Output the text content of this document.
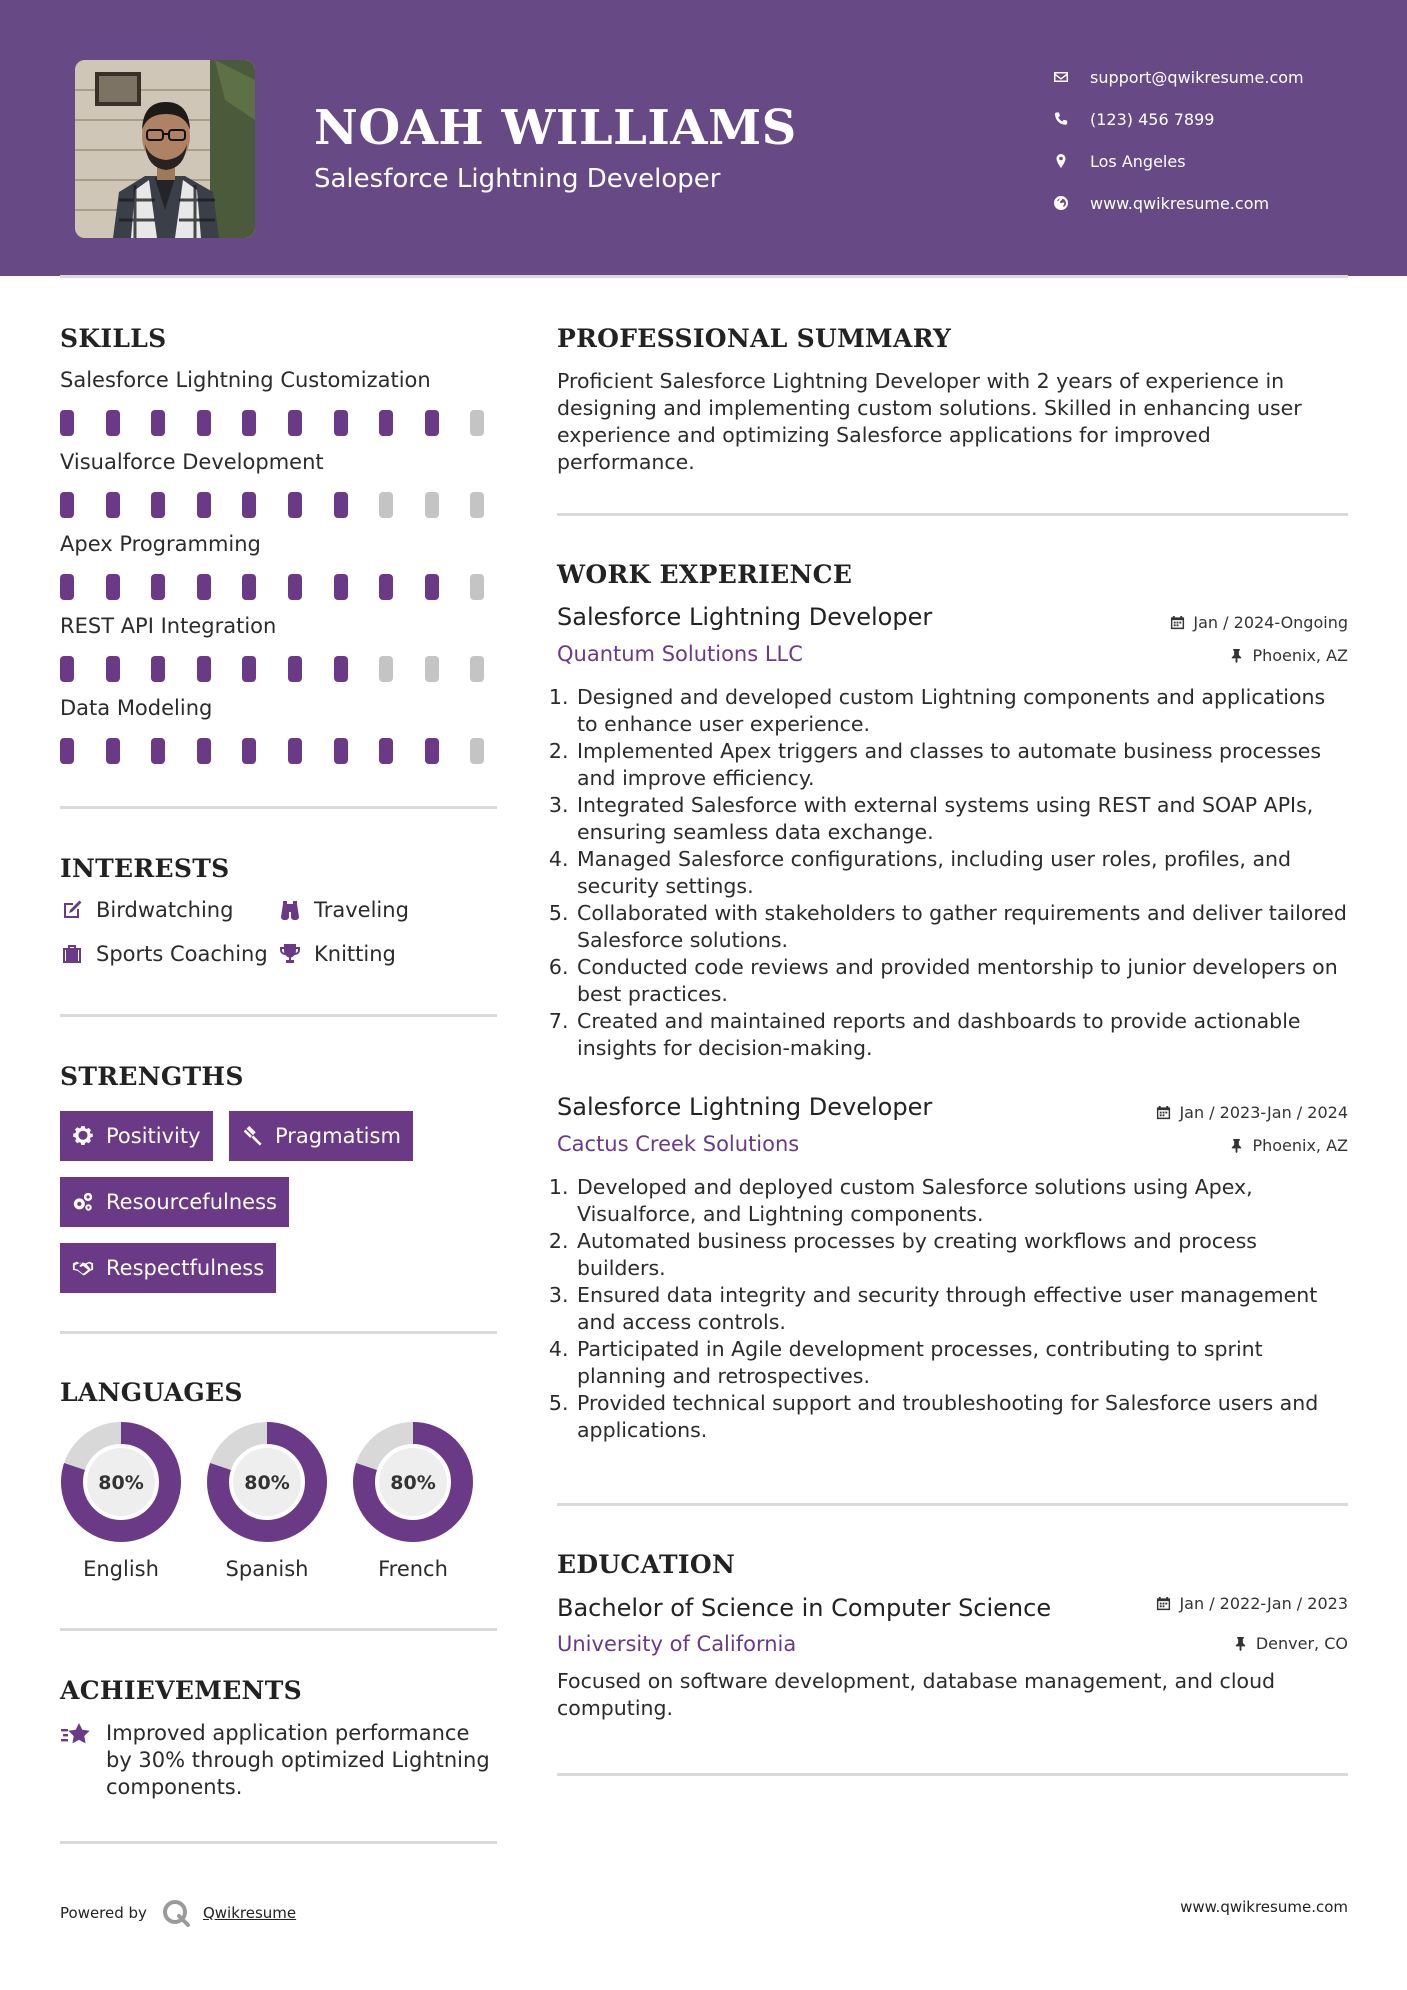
NOAH WILLIAMS
Salesforce Lightning Developer
support@qwikresume.com
(123) 456 7899
Los Angeles
www.qwikresume.com
SKILLS
Salesforce Lightning Customization
Visualforce Development
Apex Programming
REST API Integration
Data Modeling
INTERESTS
Birdwatching	Traveling
Sports Coaching Knitting
STRENGTHS
Positivity	Pragmatism
Resourcefulness
Respectfulness
LANGUAGES
80%
English
80%
Spanish
80%
French
ACHIEVEMENTS
Improved application performance by 30% through optimized Lightning components.
PROFESSIONAL SUMMARY
Proficient Salesforce Lightning Developer with 2 years of experience in designing and implementing custom solutions. Skilled in enhancing user experience and optimizing Salesforce applications for improved performance.
WORK EXPERIENCE
Salesforce Lightning Developer	Jan / 2024-Ongoing
Quantum Solutions LLC	Phoenix, AZ
1. Designed and developed custom Lightning components and applications to enhance user experience.
2. Implemented Apex triggers and classes to automate business processes and improve efficiency.
3. Integrated Salesforce with external systems using REST and SOAP APIs, ensuring seamless data exchange.
4. Managed Salesforce configurations, including user roles, profiles, and security settings.
5. Collaborated with stakeholders to gather requirements and deliver tailored Salesforce solutions.
6. Conducted code reviews and provided mentorship to junior developers on best practices.
7. Created and maintained reports and dashboards to provide actionable insights for decision-making.
Salesforce Lightning Developer	Jan / 2023-Jan / 2024
Cactus Creek Solutions	Phoenix, AZ
1. Developed and deployed custom Salesforce solutions using Apex, Visualforce, and Lightning components.
2. Automated business processes by creating workflows and process builders.
3. Ensured data integrity and security through effective user management and access controls.
4. Participated in Agile development processes, contributing to sprint planning and retrospectives.
5. Provided technical support and troubleshooting for Salesforce users and applications.
EDUCATION
Bachelor of Science in Computer Science	Jan / 2022-Jan / 2023
University of California	Denver, CO
Focused on software development, database management, and cloud computing.
Powered by	Qwikresume	www.qwikresume.com
